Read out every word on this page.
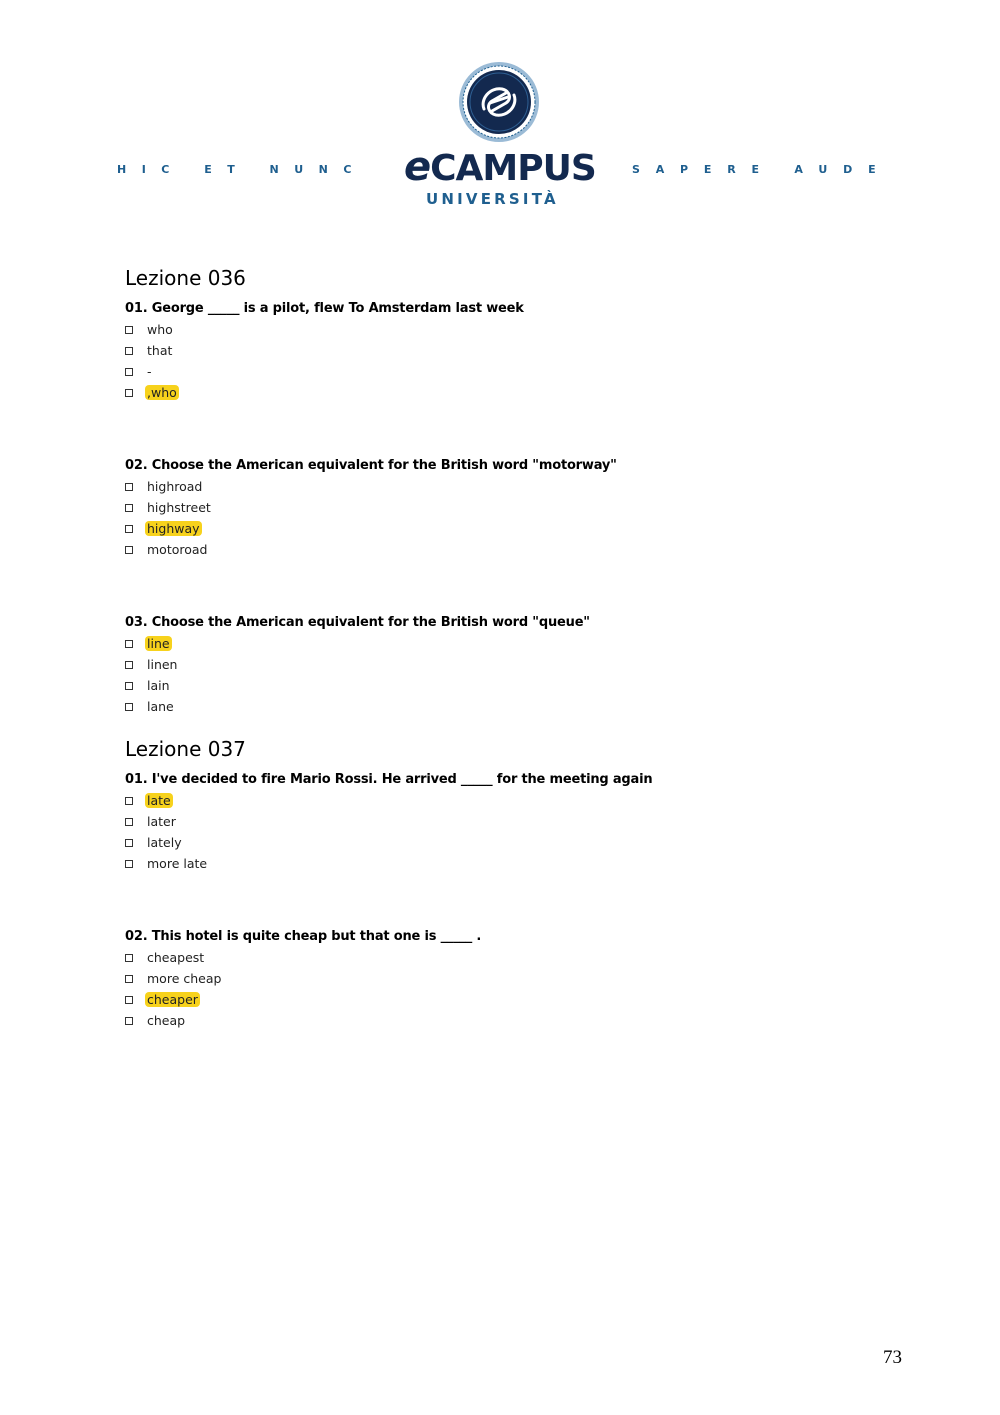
HIC ET NUNC eCAMPUS
UNIVERSITÀ
SAPERE AUDE
Lezione 036
01. George _____ is a pilot, flew To Amsterdam last week
who
that
-
,who
02. Choose the American equivalent for the British word "motorway"
highroad
highstreet
highway
motoroad
03. Choose the American equivalent for the British word "queue"
line
linen
lain
lane
Lezione 037
01. I've decided to fire Mario Rossi. He arrived _____ for the meeting again
late
later
lately
more late
02. This hotel is quite cheap but that one is _____ .
cheapest
more cheap
cheaper
cheap
73
